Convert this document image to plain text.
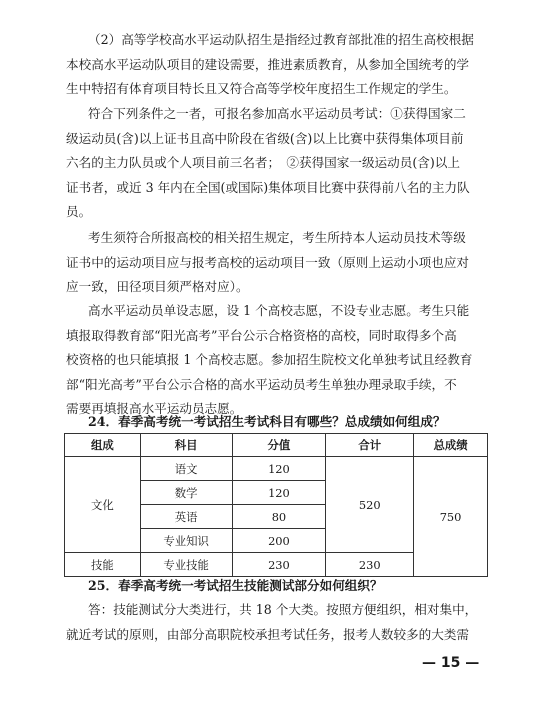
（2）高等学校高水平运动队招生是指经过教育部批准的招生高校根据
本校高水平运动队项目的建设需要，推进素质教育，从参加全国统考的学
生中特招有体育项目特长且又符合高等学校年度招生工作规定的学生。
符合下列条件之一者，可报名参加高水平运动员考试：①获得国家二
级运动员(含)以上证书且高中阶段在省级(含)以上比赛中获得集体项目前
六名的主力队员或个人项目前三名者；　②获得国家一级运动员(含)以上
证书者，或近 3 年内在全国(或国际)集体项目比赛中获得前八名的主力队
员。
考生须符合所报高校的相关招生规定，考生所持本人运动员技术等级
证书中的运动项目应与报考高校的运动项目一致（原则上运动小项也应对
应一致，田径项目须严格对应）。
高水平运动员单设志愿，设 1 个高校志愿，不设专业志愿。考生只能
填报取得教育部“阳光高考”平台公示合格资格的高校，同时取得多个高
校资格的也只能填报 1 个高校志愿。参加招生院校文化单独考试且经教育
部“阳光高考”平台公示合格的高水平运动员考生单独办理录取手续，不
需要再填报高水平运动员志愿。

24．春季高考统一考试招生考试科目有哪些？总成绩如何组成？

组成	科目	分值	合计	总成绩
文化	语文	120	520	750
	数学	120		
	英语	80		
	专业知识	200		
技能	专业技能	230	230	

25．春季高考统一考试招生技能测试部分如何组织？

答：技能测试分大类进行，共 18 个大类。按照方便组织，相对集中，
就近考试的原则，由部分高职院校承担考试任务，报考人数较多的大类需
— 15 —
